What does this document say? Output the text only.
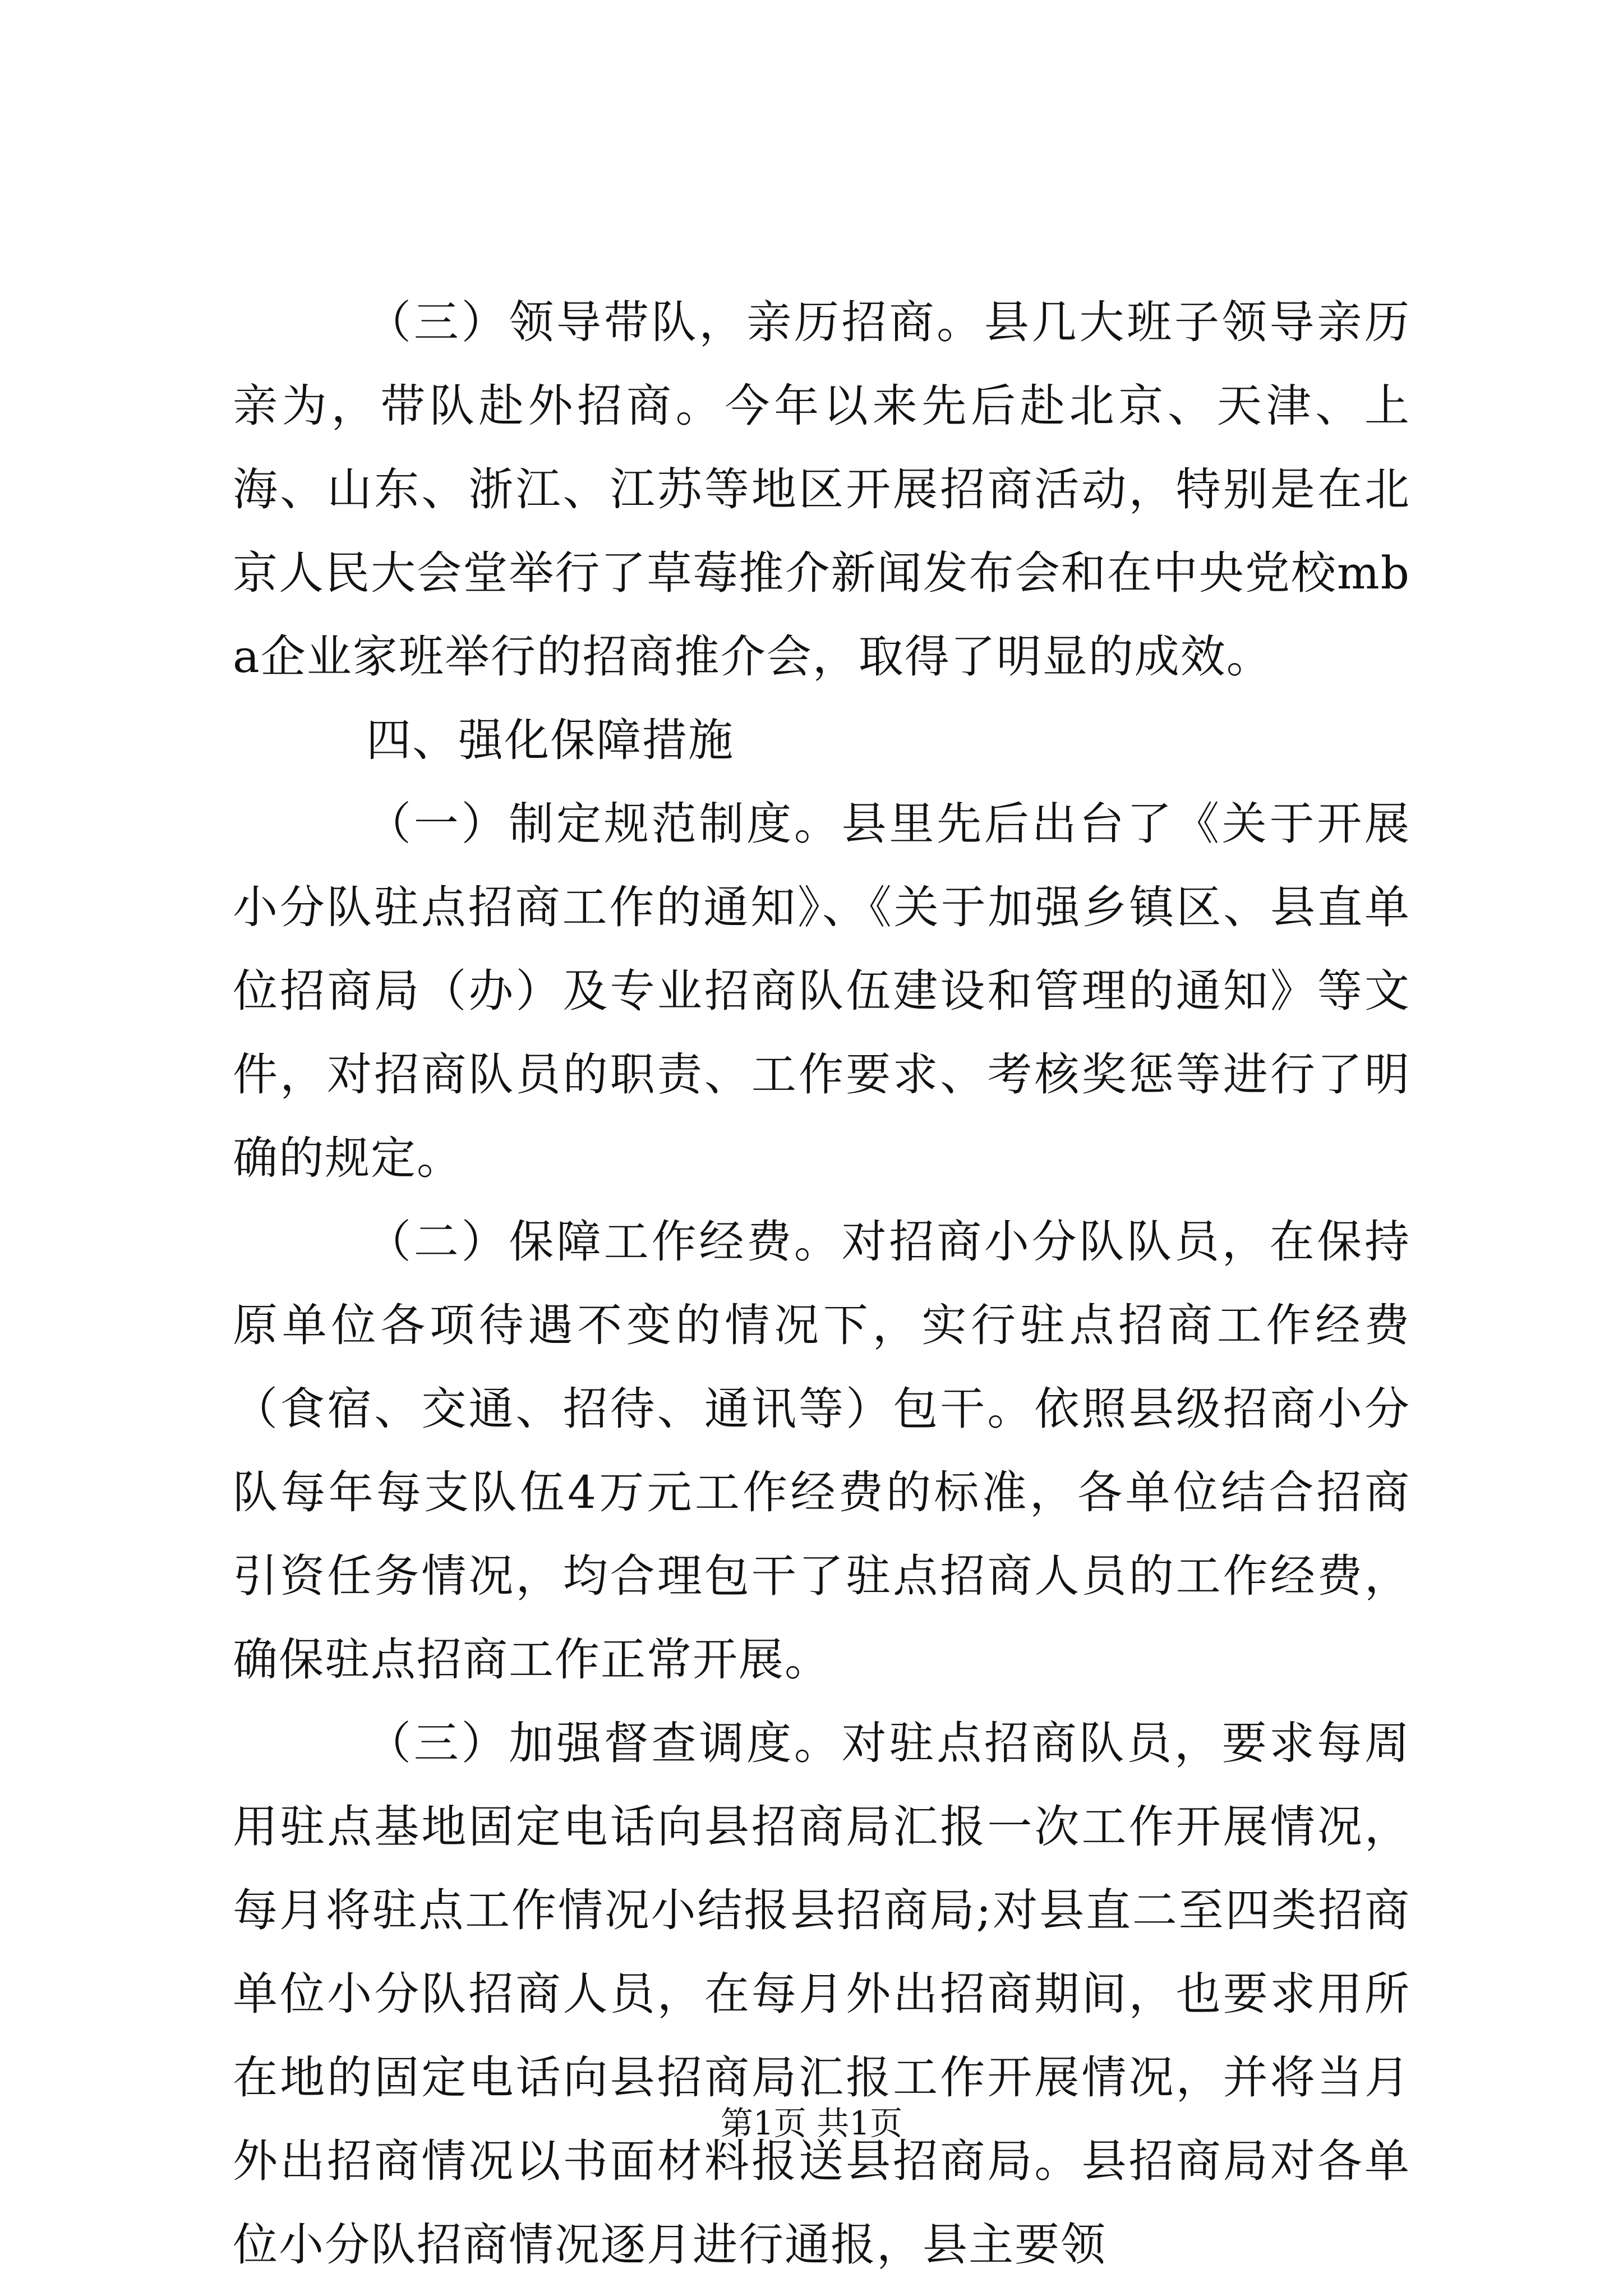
（三）领导带队，亲历招商。县几大班子领导亲历亲为，带队赴外招商。今年以来先后赴北京、天津、上海、山东、浙江、江苏等地区开展招商活动，特别是在北京人民大会堂举行了草莓推介新闻发布会和在中央党校mba企业家班举行的招商推介会，取得了明显的成效。

四、强化保障措施

（一）制定规范制度。县里先后出台了《关于开展小分队驻点招商工作的通知》、《关于加强乡镇区、县直单位招商局（办）及专业招商队伍建设和管理的通知》等文件，对招商队员的职责、工作要求、考核奖惩等进行了明确的规定。

（二）保障工作经费。对招商小分队队员，在保持原单位各项待遇不变的情况下，实行驻点招商工作经费（食宿、交通、招待、通讯等）包干。依照县级招商小分队每年每支队伍4万元工作经费的标准，各单位结合招商引资任务情况，均合理包干了驻点招商人员的工作经费，确保驻点招商工作正常开展。

（三）加强督查调度。对驻点招商队员，要求每周用驻点基地固定电话向县招商局汇报一次工作开展情况，每月将驻点工作情况小结报县招商局;对县直二至四类招商单位小分队招商人员，在每月外出招商期间，也要求用所在地的固定电话向县招商局汇报工作开展情况，并将当月外出招商情况以书面材料报送县招商局。县招商局对各单位小分队招商情况逐月进行通报，县主要领

第1页 共1页
